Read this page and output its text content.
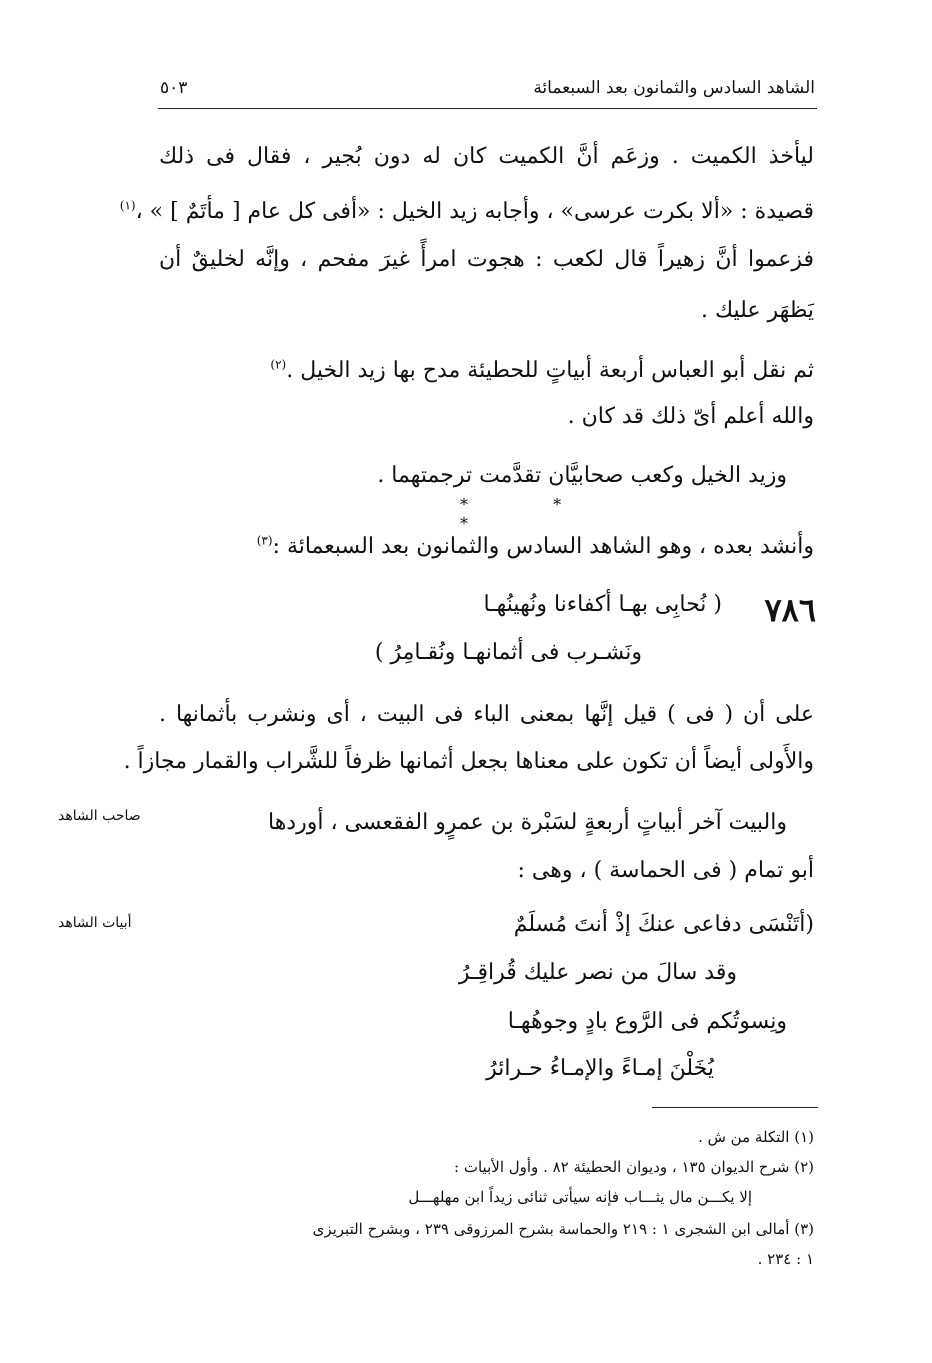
الشاهد السادس والثمانون بعد السبعمائة
٥٠٣
ليأخذ الكميت . وزعَم أنَّ الكميت كان له دون بُجير ، فقال فى ذلك
قصيدة : «ألا بكرت عرسى» ، وأجابه زيد الخيل : «أفى كل عام [ مأتَمٌ ] » ،$^{(١)}$
فزعموا أنَّ زهيراً قال لكعب : هجوت امرأً غيرَ مفحم ، وإنَّه لخليقٌ أن
يَظهَر عليك .
ثم نقل أبو العباس أربعة أبياتٍ للحطيئة مدح بها زيد الخيل .$^{(٢)}$
والله أعلم أىّ ذلك قد كان .
وزيد الخيل وكعب صحابيَّان تقدَّمت ترجمتهما .
* * *
وأنشد بعده ، وهو الشاهد السادس والثمانون بعد السبعمائة :$^{(٣)}$
٧٨٦
( نُحابِى بهـا أكفاءنا ونُهينُهـا
ونَشـرب فى أثمانهـا ونُقـامِرُ )
على أن ( فى ) قيل إنَّها بمعنى الباء فى البيت ، أى ونشرب بأثمانها .
والأَولى أيضاً أن تكون على معناها بجعل أثمانها ظرفاً للشَّراب والقمار مجازاً .
والبيت آخر أبياتٍ أربعةٍ لسَبْرة بن عمرٍو الفقعسى ، أوردها
صاحب الشاهد
أبو تمام ( فى الحماسة ) ، وهى :
(أتَنْسَى دفاعى عنكَ إذْ أنتَ مُسلَمٌ
أبيات الشاهد
وقد سالَ من نصر عليك قُراقِـرُ
ونِسوتُكم فى الرَّوع بادٍ وجوهُهـا
يُخَلْنَ إمـاءً والإمـاءُ حـرائرُ
(١) التكلة من ش .
(٢) شرح الديوان ١٣٥ ، وديوان الحطيئة ٨٢ . وأول الأبيات :
إلا يكـــن مال يثـــاب فإنه سيأتى ثنائى زيداً ابن مهلهـــل
(٣) أمالى ابن الشجرى ١ : ٢١٩ والحماسة بشرح المرزوقى ٢٣٩ ، وبشرح التبريزى
١ : ٢٣٤ .
